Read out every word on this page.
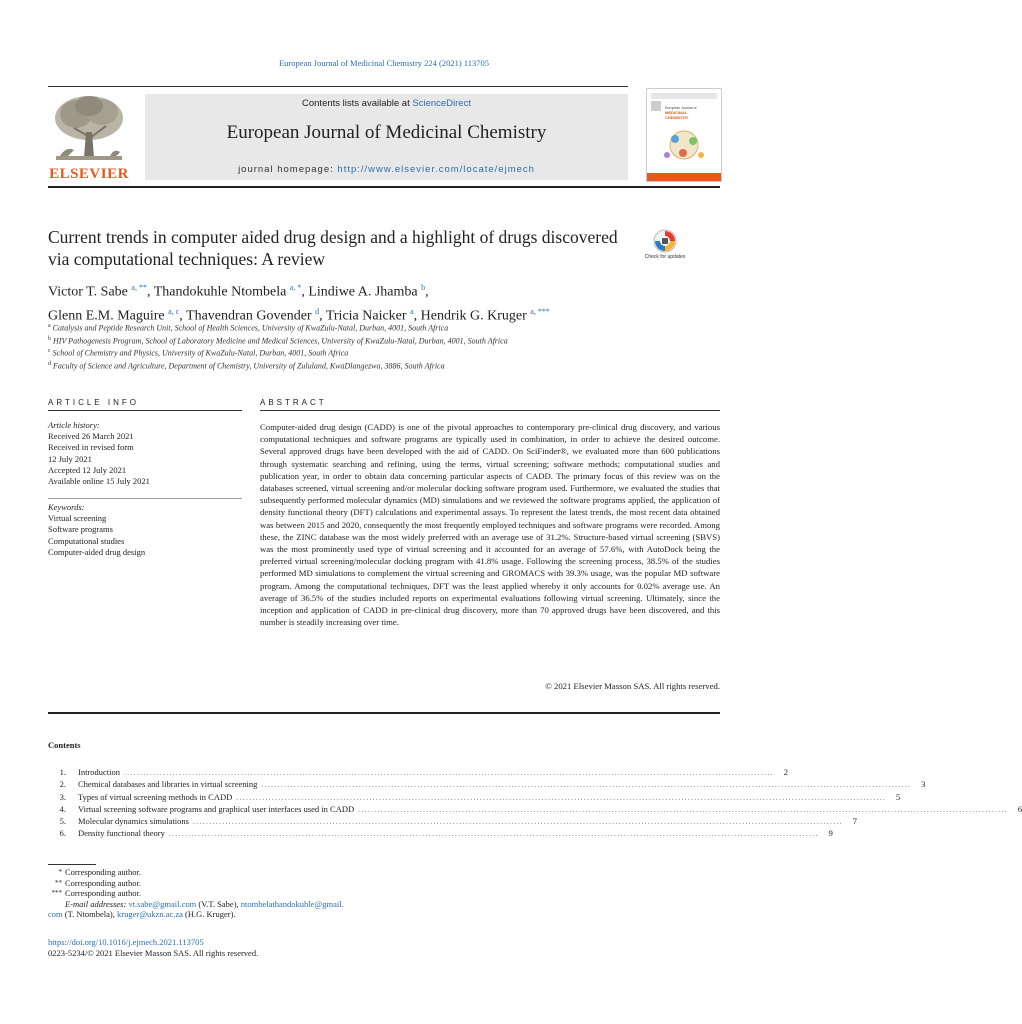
European Journal of Medicinal Chemistry 224 (2021) 113705
ELSEVIER
Contents lists available at ScienceDirect
European Journal of Medicinal Chemistry
journal homepage: http://www.elsevier.com/locate/ejmech
European Journal of
MEDICINAL
CHEMISTRY
Current trends in computer aided drug design and a highlight of drugs discovered via computational techniques: A review	Check for updates
Victor T. Sabe $^{a, **}$, Thandokuhle Ntombela $^{a, *}$, Lindiwe A. Jhamba $^b$,
Glenn E.M. Maguire $^{a, c}$, Thavendran Govender $^d$, Tricia Naicker $^a$, Hendrik G. Kruger $^{a, ***}$
$^a$ Catalysis and Peptide Research Unit, School of Health Sciences, University of KwaZulu-Natal, Durban, 4001, South Africa
$^b$ HIV Pathogenesis Program, School of Laboratory Medicine and Medical Sciences, University of KwaZulu-Natal, Durban, 4001, South Africa
$^c$ School of Chemistry and Physics, University of KwaZulu-Natal, Durban, 4001, South Africa
$^d$ Faculty of Science and Agriculture, Department of Chemistry, University of Zululand, KwaDlangezwa, 3886, South Africa
ARTICLE INFO
Article history:
Received 26 March 2021
Received in revised form
12 July 2021
Accepted 12 July 2021
Available online 15 July 2021
Keywords:
Virtual screening
Software programs
Computational studies
Computer-aided drug design
ABSTRACT
Computer-aided drug design (CADD) is one of the pivotal approaches to contemporary pre-clinical drug discovery, and various computational techniques and software programs are typically used in combination, in order to achieve the desired outcome. Several approved drugs have been developed with the aid of CADD. On SciFinder®, we evaluated more than 600 publications through systematic searching and refining, using the terms, virtual screening; software methods; computational studies and publication year, in order to obtain data concerning particular aspects of CADD. The primary focus of this review was on the databases screened, virtual screening and/or molecular docking software program used. Furthermore, we evaluated the studies that subsequently performed molecular dynamics (MD) simulations and we reviewed the software programs applied, the application of density functional theory (DFT) calculations and experimental assays. To represent the latest trends, the most recent data obtained was between 2015 and 2020, consequently the most frequently employed techniques and software programs were recorded. Among these, the ZINC database was the most widely preferred with an average use of 31.2%. Structure-based virtual screening (SBVS) was the most prominently used type of virtual screening and it accounted for an average of 57.6%, with AutoDock being the preferred virtual screening/molecular docking program with 41.8% usage. Following the screening process, 38.5% of the studies performed MD simulations to complement the virtual screening and GROMACS with 39.3% usage, was the popular MD software program. Among the computational techniques, DFT was the least applied whereby it only accounts for 0.02% average use. An average of 36.5% of the studies included reports on experimental evaluations following virtual screening. Ultimately, since the inception and application of CADD in pre-clinical drug discovery, more than 70 approved drugs have been discovered, and this number is steadily increasing over time.
© 2021 Elsevier Masson SAS. All rights reserved.
Contents
1. Introduction ........................................................................................................................................................................................................	2
2. Chemical databases and libraries in virtual screening ........................................................................................................................................................................................................	3
3. Types of virtual screening methods in CADD ........................................................................................................................................................................................................	5
4. Virtual screening software programs and graphical user interfaces used in CADD ........................................................................................................................................................................................................	6
5. Molecular dynamics simulations ........................................................................................................................................................................................................	7
6. Density functional theory ........................................................................................................................................................................................................	9
* Corresponding author.
** Corresponding author.
*** Corresponding author.
E-mail addresses: vt.sabe@gmail.com (V.T. Sabe), ntombelathandokuhle@gmail.
com (T. Ntombela), kruger@ukzn.ac.za (H.G. Kruger).
https://doi.org/10.1016/j.ejmech.2021.113705
0223-5234/© 2021 Elsevier Masson SAS. All rights reserved.
